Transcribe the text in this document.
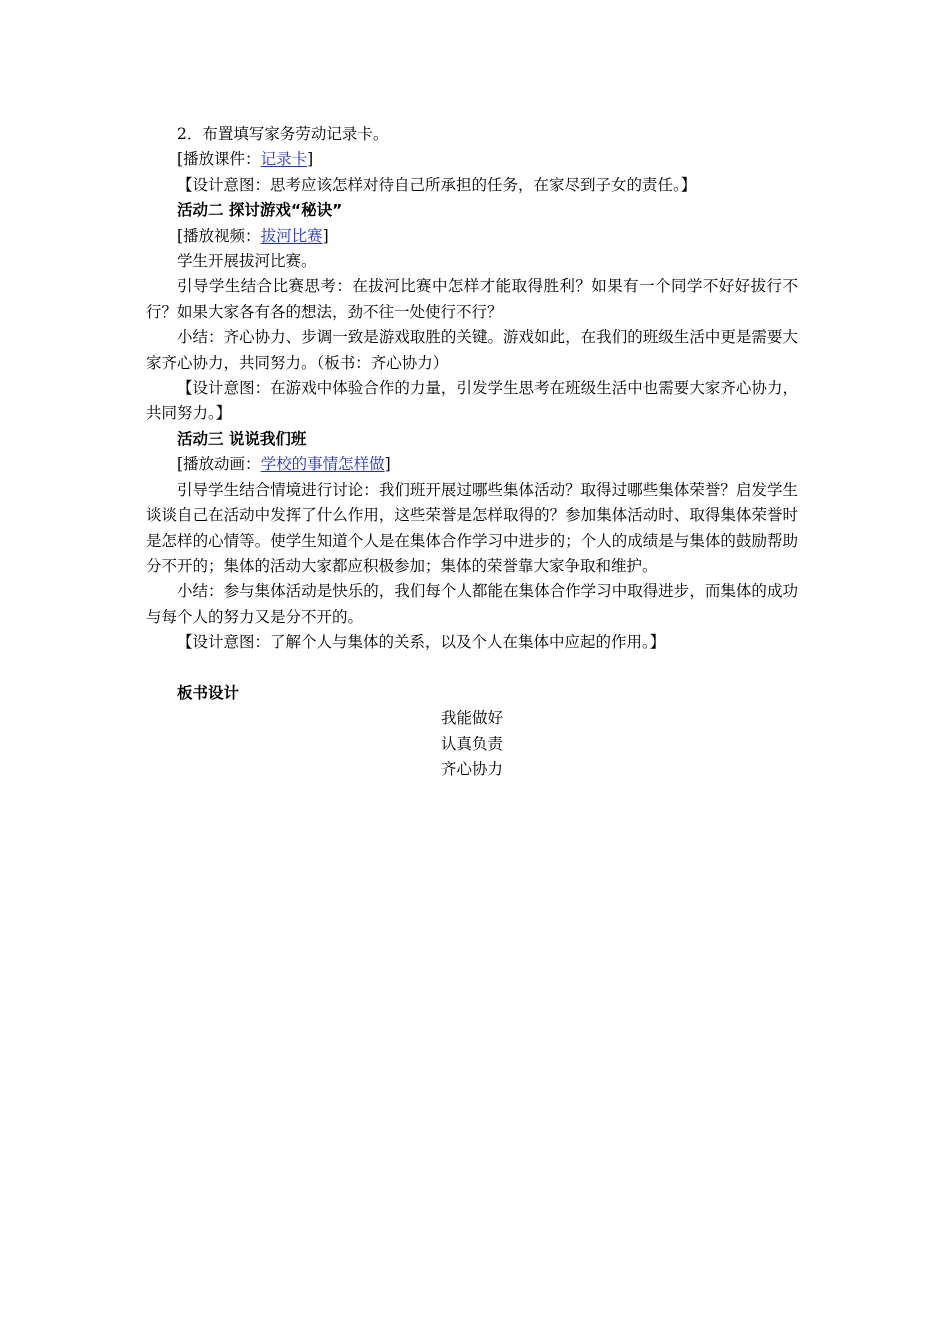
2．布置填写家务劳动记录卡。

[播放课件：记录卡]

【设计意图：思考应该怎样对待自己所承担的任务，在家尽到子女的责任。】

活动二 探讨游戏“秘诀”

[播放视频：拔河比赛]

学生开展拔河比赛。

引导学生结合比赛思考：在拔河比赛中怎样才能取得胜利？如果有一个同学不好好拔行不行？如果大家各有各的想法，劲不往一处使行不行？

小结：齐心协力、步调一致是游戏取胜的关键。游戏如此，在我们的班级生活中更是需要大家齐心协力，共同努力。（板书：齐心协力）

【设计意图：在游戏中体验合作的力量，引发学生思考在班级生活中也需要大家齐心协力，共同努力。】

活动三 说说我们班

[播放动画：学校的事情怎样做]

引导学生结合情境进行讨论：我们班开展过哪些集体活动？取得过哪些集体荣誉？启发学生谈谈自己在活动中发挥了什么作用，这些荣誉是怎样取得的？参加集体活动时、取得集体荣誉时是怎样的心情等。使学生知道个人是在集体合作学习中进步的；个人的成绩是与集体的鼓励帮助分不开的；集体的活动大家都应积极参加；集体的荣誉靠大家争取和维护。

小结：参与集体活动是快乐的，我们每个人都能在集体合作学习中取得进步，而集体的成功与每个人的努力又是分不开的。

【设计意图：了解个人与集体的关系，以及个人在集体中应起的作用。】

板书设计

我能做好

认真负责

齐心协力
